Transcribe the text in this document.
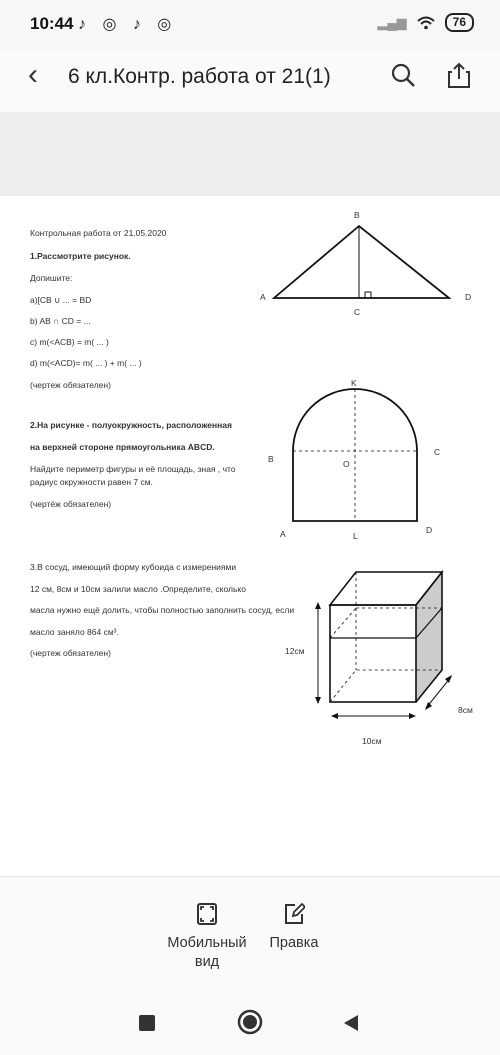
10:44 ♪ ◎ ♪ ◎	▂▄▆	76
‹ 6 кл.Контр. работа от 21(1)
Контрольная работа от 21.05.2020
1.Рассмотрите рисунок.
Допишите:
a)[CB ∪ ... = BD
b) AB ∩ CD = ...
c) m(<ACB) = m( ... )
d) m(<ACD)= m( ... ) + m( ... )
(чертеж обязателен)
B
A	D
C
2.На рисунке - полуокружность, расположенная
на верхней стороне прямоугольника ABCD.
Найдите периметр фигуры и её площадь, зная , что
радиус окружности равен 7 см.
(чертёж обязателен)
K
B
C
O
A	L
D
3.В сосуд, имеющий форму кубоида с измерениями
12 см, 8см и 10см залили масло .Определите, сколько
масла нужно ещё долить, чтобы полностью заполнить сосуд, если
масло заняло 864 см³.
(чертеж обязателен)	12см
8см
10см
Мобильный
вид
Правка
